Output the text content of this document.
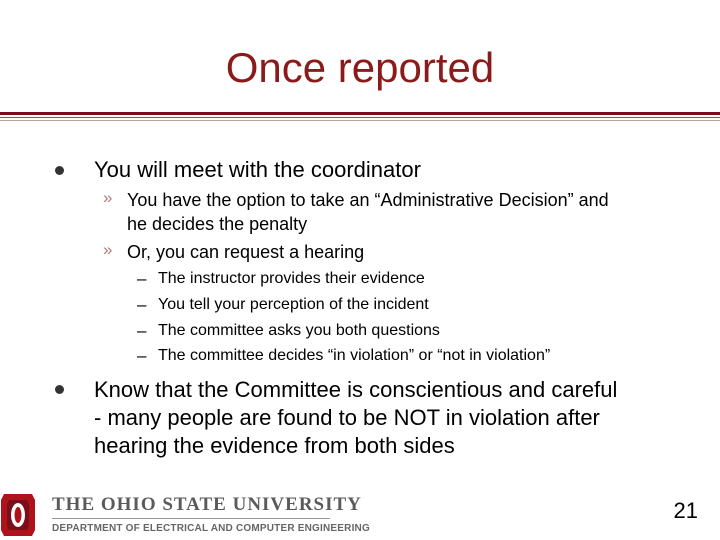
Once reported
You will meet with the coordinator
» You have the option to take an “Administrative Decision” and
he decides the penalty
» Or, you can request a hearing
– The instructor provides their evidence
– You tell your perception of the incident
– The committee asks you both questions
– The committee decides “in violation” or “not in violation”
Know that the Committee is conscientious and careful
- many people are found to be NOT in violation after
hearing the evidence from both sides
THE OHIO STATE UNIVERSITY
DEPARTMENT OF ELECTRICAL AND COMPUTER ENGINEERING
21
